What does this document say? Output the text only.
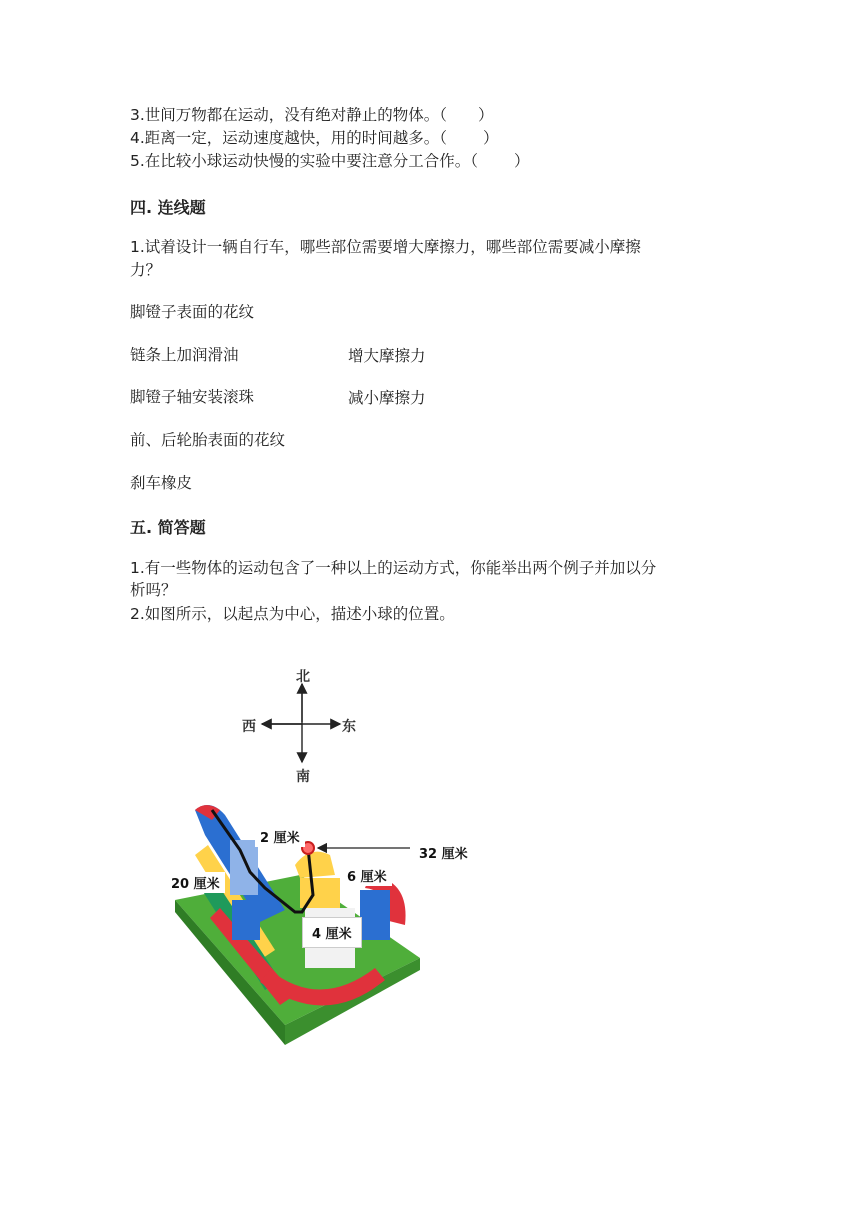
3.世间万物都在运动，没有绝对静止的物体。（　　）
4.距离一定，运动速度越快，用的时间越多。（　　 ）
5.在比较小球运动快慢的实验中要注意分工合作。（　　 ）
四. 连线题
1.试着设计一辆自行车，哪些部位需要增大摩擦力，哪些部位需要减小摩擦
力？
脚镫子表面的花纹
链条上加润滑油
脚镫子轴安装滚珠
前、后轮胎表面的花纹
刹车橡皮
增大摩擦力
减小摩擦力
五. 简答题
1.有一些物体的运动包含了一种以上的运动方式，你能举出两个例子并加以分
析吗？
2.如图所示，以起点为中心，描述小球的位置。
北
南
西	东
2 厘米
32 厘米
6 厘米
20 厘米
4 厘米
